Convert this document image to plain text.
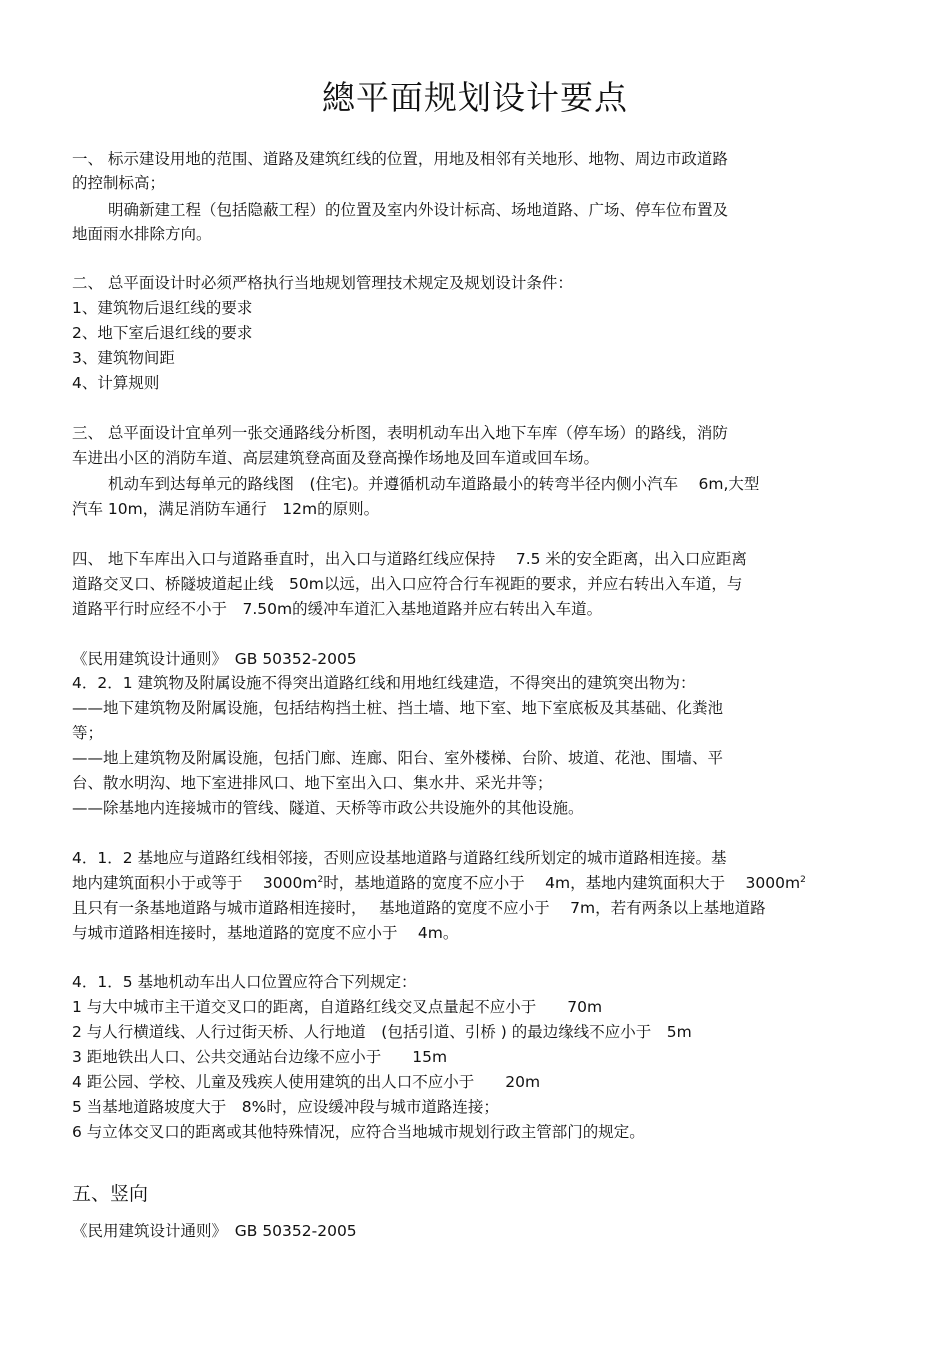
總平面规划设计要点
一、 标示建设用地的范围、道路及建筑红线的位置，用地及相邻有关地形、地物、周边市政道路
的控制标高；
明确新建工程（包括隐蔽工程）的位置及室内外设计标高、场地道路、广场、停车位布置及
地面雨水排除方向。
二、 总平面设计时必须严格执行当地规划管理技术规定及规划设计条件：
1、建筑物后退红线的要求
2、地下室后退红线的要求
3、建筑物间距
4、计算规则
三、 总平面设计宜单列一张交通路线分析图，表明机动车出入地下车库（停车场）的路线，消防
车进出小区的消防车道、高层建筑登高面及登高操作场地及回车道或回车场。
机动车到达每单元的路线图　(住宅)。并遵循机动车道路最小的转弯半径内侧小汽车　 6m,大型
汽车 10m，满足消防车通行　12m的原则。
四、 地下车库出入口与道路垂直时，出入口与道路红线应保持　 7.5 米的安全距离，出入口应距离
道路交叉口、桥隧坡道起止线　50m以远，出入口应符合行车视距的要求，并应右转出入车道，与
道路平行时应经不小于　7.50m的缓冲车道汇入基地道路并应右转出入车道。
《民用建筑设计通则》　GB 50352-2005
4．2．1 建筑物及附属设施不得突出道路红线和用地红线建造，不得突出的建筑突出物为：
——地下建筑物及附属设施，包括结构挡土桩、挡土墙、地下室、地下室底板及其基础、化粪池
等；
——地上建筑物及附属设施，包括门廊、连廊、阳台、室外楼梯、台阶、坡道、花池、围墙、平
台、散水明沟、地下室进排风口、地下室出入口、集水井、采光井等；
——除基地内连接城市的管线、隧道、天桥等市政公共设施外的其他设施。
4．1．2 基地应与道路红线相邻接，否则应设基地道路与道路红线所划定的城市道路相连接。基
地内建筑面积小于或等于　 $3000m^2$时，基地道路的宽度不应小于　 4m，基地内建筑面积大于　 $3000m^2$
且只有一条基地道路与城市道路相连接时，　 基地道路的宽度不应小于　 7m，若有两条以上基地道路
与城市道路相连接时，基地道路的宽度不应小于　 4m。
4．1．5 基地机动车出人口位置应符合下列规定：
1 与大中城市主干道交叉口的距离，自道路红线交叉点量起不应小于　　70m
2 与人行横道线、人行过街天桥、人行地道　(包括引道、引桥 ) 的最边缘线不应小于　5m
3 距地铁出人口、公共交通站台边缘不应小于　　15m
4 距公园、学校、儿童及残疾人使用建筑的出人口不应小于　　20m
5 当基地道路坡度大于　8%时，应设缓冲段与城市道路连接；
6 与立体交叉口的距离或其他特殊情况，应符合当地城市规划行政主管部门的规定。
五、竖向
《民用建筑设计通则》　GB 50352-2005
